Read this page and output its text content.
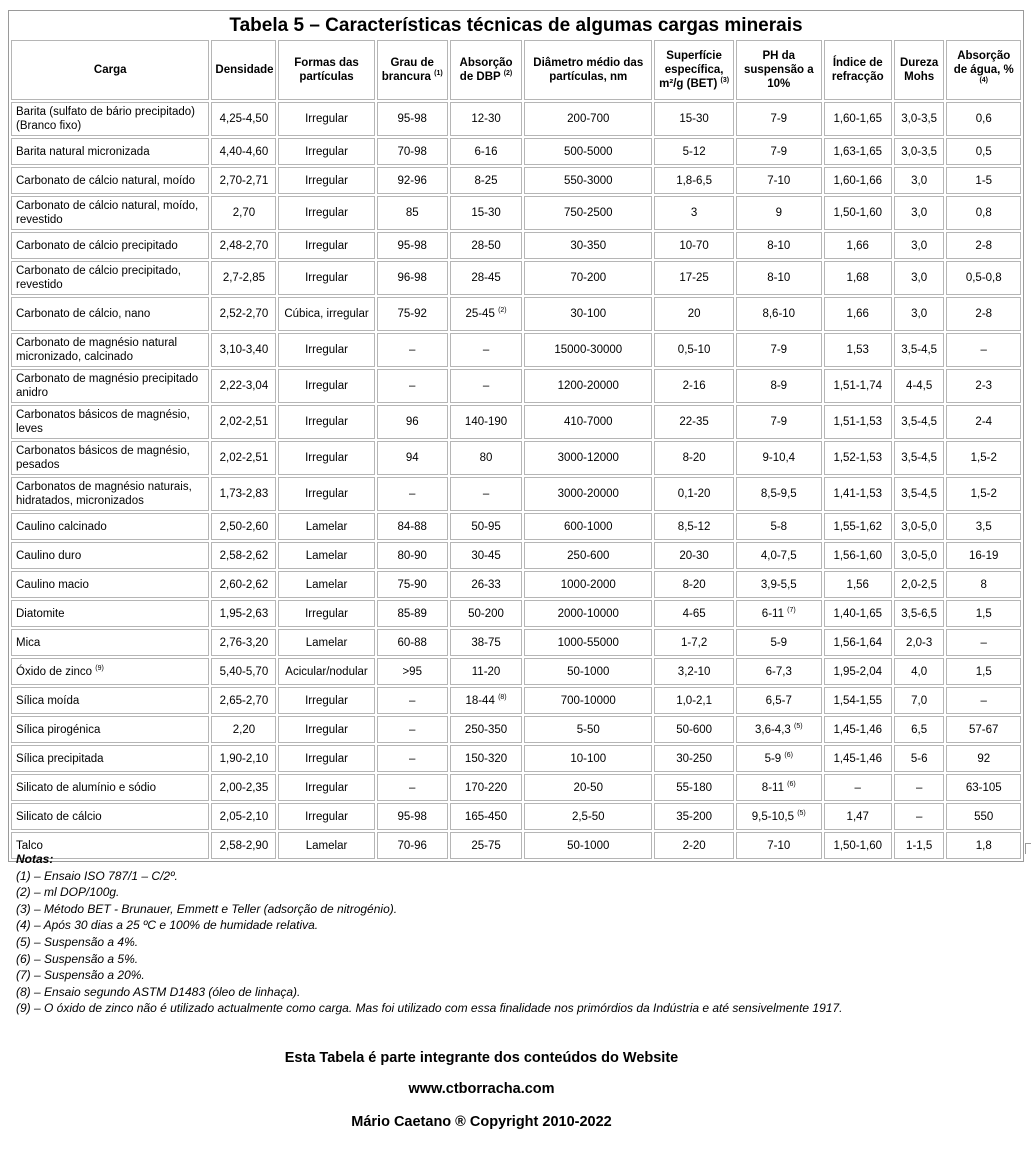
Tabela 5 – Características técnicas de algumas cargas minerais										
Carga	Densidade	Formas das partículas	Grau de brancura $^{(1)}$	Absorção de DBP $^{(2)}$	Diâmetro médio das partículas, nm	Superfície específica, m²/g (BET) $^{(3)}$	PH da suspensão a 10%	Índice de refracção	Dureza Mohs	Absorção de água, % $^{(4)}$
Barita (sulfato de bário precipitado) (Branco fixo)	4,25-4,50	Irregular	95-98	12-30	200-700	15-30	7-9	1,60-1,65	3,0-3,5	0,6
Barita natural micronizada	4,40-4,60	Irregular	70-98	6-16	500-5000	5-12	7-9	1,63-1,65	3,0-3,5	0,5
Carbonato de cálcio natural, moído	2,70-2,71	Irregular	92-96	8-25	550-3000	1,8-6,5	7-10	1,60-1,66	3,0	1-5
Carbonato de cálcio natural, moído, revestido	2,70	Irregular	85	15-30	750-2500	3	9	1,50-1,60	3,0	0,8
Carbonato de cálcio precipitado	2,48-2,70	Irregular	95-98	28-50	30-350	10-70	8-10	1,66	3,0	2-8
Carbonato de cálcio precipitado, revestido	2,7-2,85	Irregular	96-98	28-45	70-200	17-25	8-10	1,68	3,0	0,5-0,8
Carbonato de cálcio, nano	2,52-2,70	Cúbica, irregular	75-92	25-45 $^{(2)}$	30-100	20	8,6-10	1,66	3,0	2-8
Carbonato de magnésio natural micronizado, calcinado	3,10-3,40	Irregular	–	–	15000-30000	0,5-10	7-9	1,53	3,5-4,5	–
Carbonato de magnésio precipitado anidro	2,22-3,04	Irregular	–	–	1200-20000	2-16	8-9	1,51-1,74	4-4,5	2-3
Carbonatos básicos de magnésio, leves	2,02-2,51	Irregular	96	140-190	410-7000	22-35	7-9	1,51-1,53	3,5-4,5	2-4
Carbonatos básicos de magnésio, pesados	2,02-2,51	Irregular	94	80	3000-12000	8-20	9-10,4	1,52-1,53	3,5-4,5	1,5-2
Carbonatos de magnésio naturais, hidratados, micronizados	1,73-2,83	Irregular	–	–	3000-20000	0,1-20	8,5-9,5	1,41-1,53	3,5-4,5	1,5-2
Caulino calcinado	2,50-2,60	Lamelar	84-88	50-95	600-1000	8,5-12	5-8	1,55-1,62	3,0-5,0	3,5
Caulino duro	2,58-2,62	Lamelar	80-90	30-45	250-600	20-30	4,0-7,5	1,56-1,60	3,0-5,0	16-19
Caulino macio	2,60-2,62	Lamelar	75-90	26-33	1000-2000	8-20	3,9-5,5	1,56	2,0-2,5	8
Diatomite	1,95-2,63	Irregular	85-89	50-200	2000-10000	4-65	6-11 $^{(7)}$	1,40-1,65	3,5-6,5	1,5
Mica	2,76-3,20	Lamelar	60-88	38-75	1000-55000	1-7,2	5-9	1,56-1,64	2,0-3	–
Óxido de zinco $^{(9)}$	5,40-5,70	Acicular/nodular	>95	11-20	50-1000	3,2-10	6-7,3	1,95-2,04	4,0	1,5
Sílica moída	2,65-2,70	Irregular	–	18-44 $^{(8)}$	700-10000	1,0-2,1	6,5-7	1,54-1,55	7,0	–
Sílica pirogénica	2,20	Irregular	–	250-350	5-50	50-600	3,6-4,3 $^{(5)}$	1,45-1,46	6,5	57-67
Sílica precipitada	1,90-2,10	Irregular	–	150-320	10-100	30-250	5-9 $^{(6)}$	1,45-1,46	5-6	92
Silicato de alumínio e sódio	2,00-2,35	Irregular	–	170-220	20-50	55-180	8-11 $^{(6)}$	–	–	63-105
Silicato de cálcio	2,05-2,10	Irregular	95-98	165-450	2,5-50	35-200	9,5-10,5 $^{(5)}$	1,47	–	550
Talco	2,58-2,90	Lamelar	70-96	25-75	50-1000	2-20	7-10	1,50-1,60	1-1,5	1,8
Notas:
(1) – Ensaio ISO 787/1 – C/2º.
(2) – ml DOP/100g.
(3) – Método BET - Brunauer, Emmett e Teller (adsorção de nitrogénio).
(4) – Após 30 dias a 25 ºC e 100% de humidade relativa.
(5) – Suspensão a 4%.
(6) – Suspensão a 5%.
(7) – Suspensão a 20%.
(8) – Ensaio segundo ASTM D1483 (óleo de linhaça).
(9) – O óxido de zinco não é utilizado actualmente como carga. Mas foi utilizado com essa finalidade nos primórdios da Indústria e até sensivelmente 1917.
Esta Tabela é parte integrante dos conteúdos do Website
www.ctborracha.com
Mário Caetano ® Copyright 2010-2022
